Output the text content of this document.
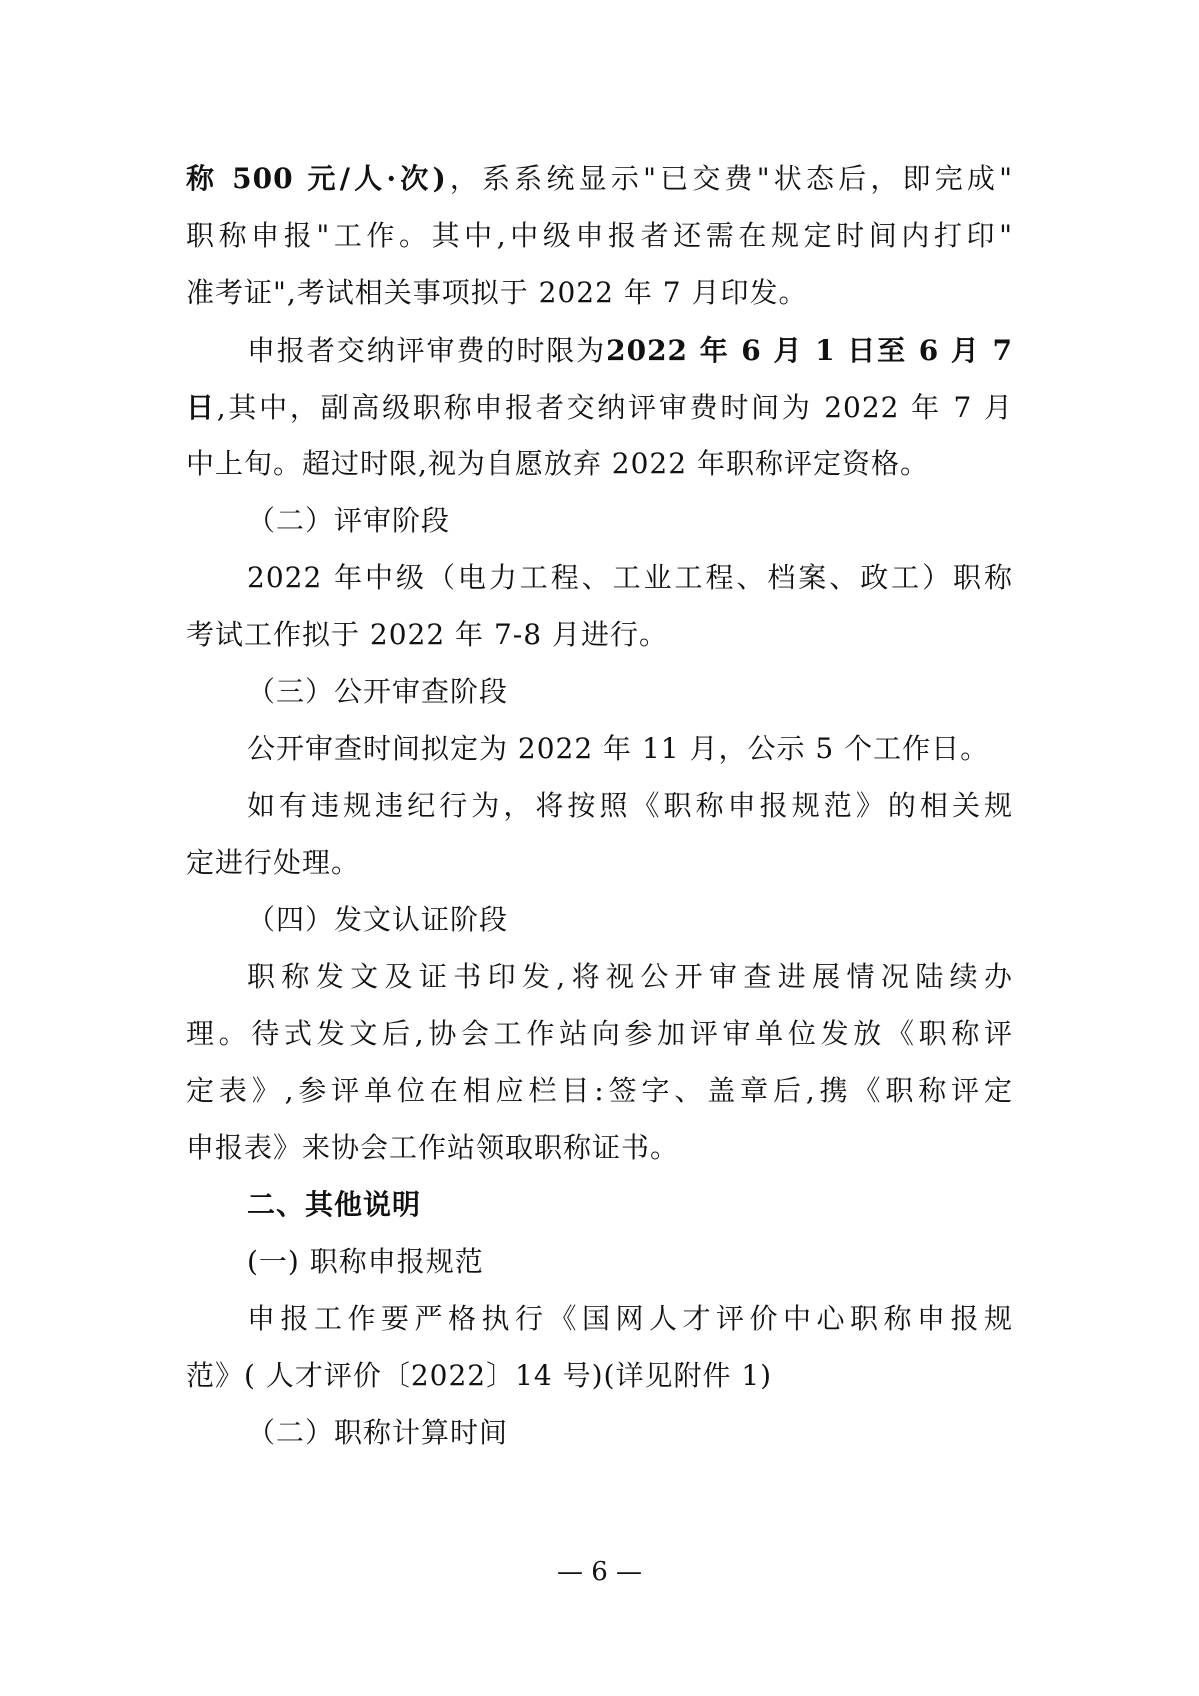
称 500 元/人·次)，系系统显示"已交费"状态后，即完成"
职称申报"工作。其中,中级申报者还需在规定时间内打印"
准考证",考试相关事项拟于 2022 年 7 月印发。
申报者交纳评审费的时限为2022 年 6 月 1 日至 6 月 7
日,其中，副高级职称申报者交纳评审费时间为 2022 年 7 月
中上旬。超过时限,视为自愿放弃 2022 年职称评定资格。
（二）评审阶段
2022 年中级（电力工程、工业工程、档案、政工）职称
考试工作拟于 2022 年 7-8 月进行。
（三）公开审查阶段
公开审查时间拟定为 2022 年 11 月，公示 5 个工作日。
如有违规违纪行为，将按照《职称申报规范》的相关规
定进行处理。
（四）发文认证阶段
职称发文及证书印发,将视公开审查进展情况陆续办
理。待式发文后,协会工作站向参加评审单位发放《职称评
定表》,参评单位在相应栏目:签字、盖章后,携《职称评定
申报表》来协会工作站领取职称证书。
二、其他说明
(一) 职称申报规范
申报工作要严格执行《国网人才评价中心职称申报规
范》( 人才评价〔2022〕14 号)(详见附件 1)
（二）职称计算时间
— 6 —
